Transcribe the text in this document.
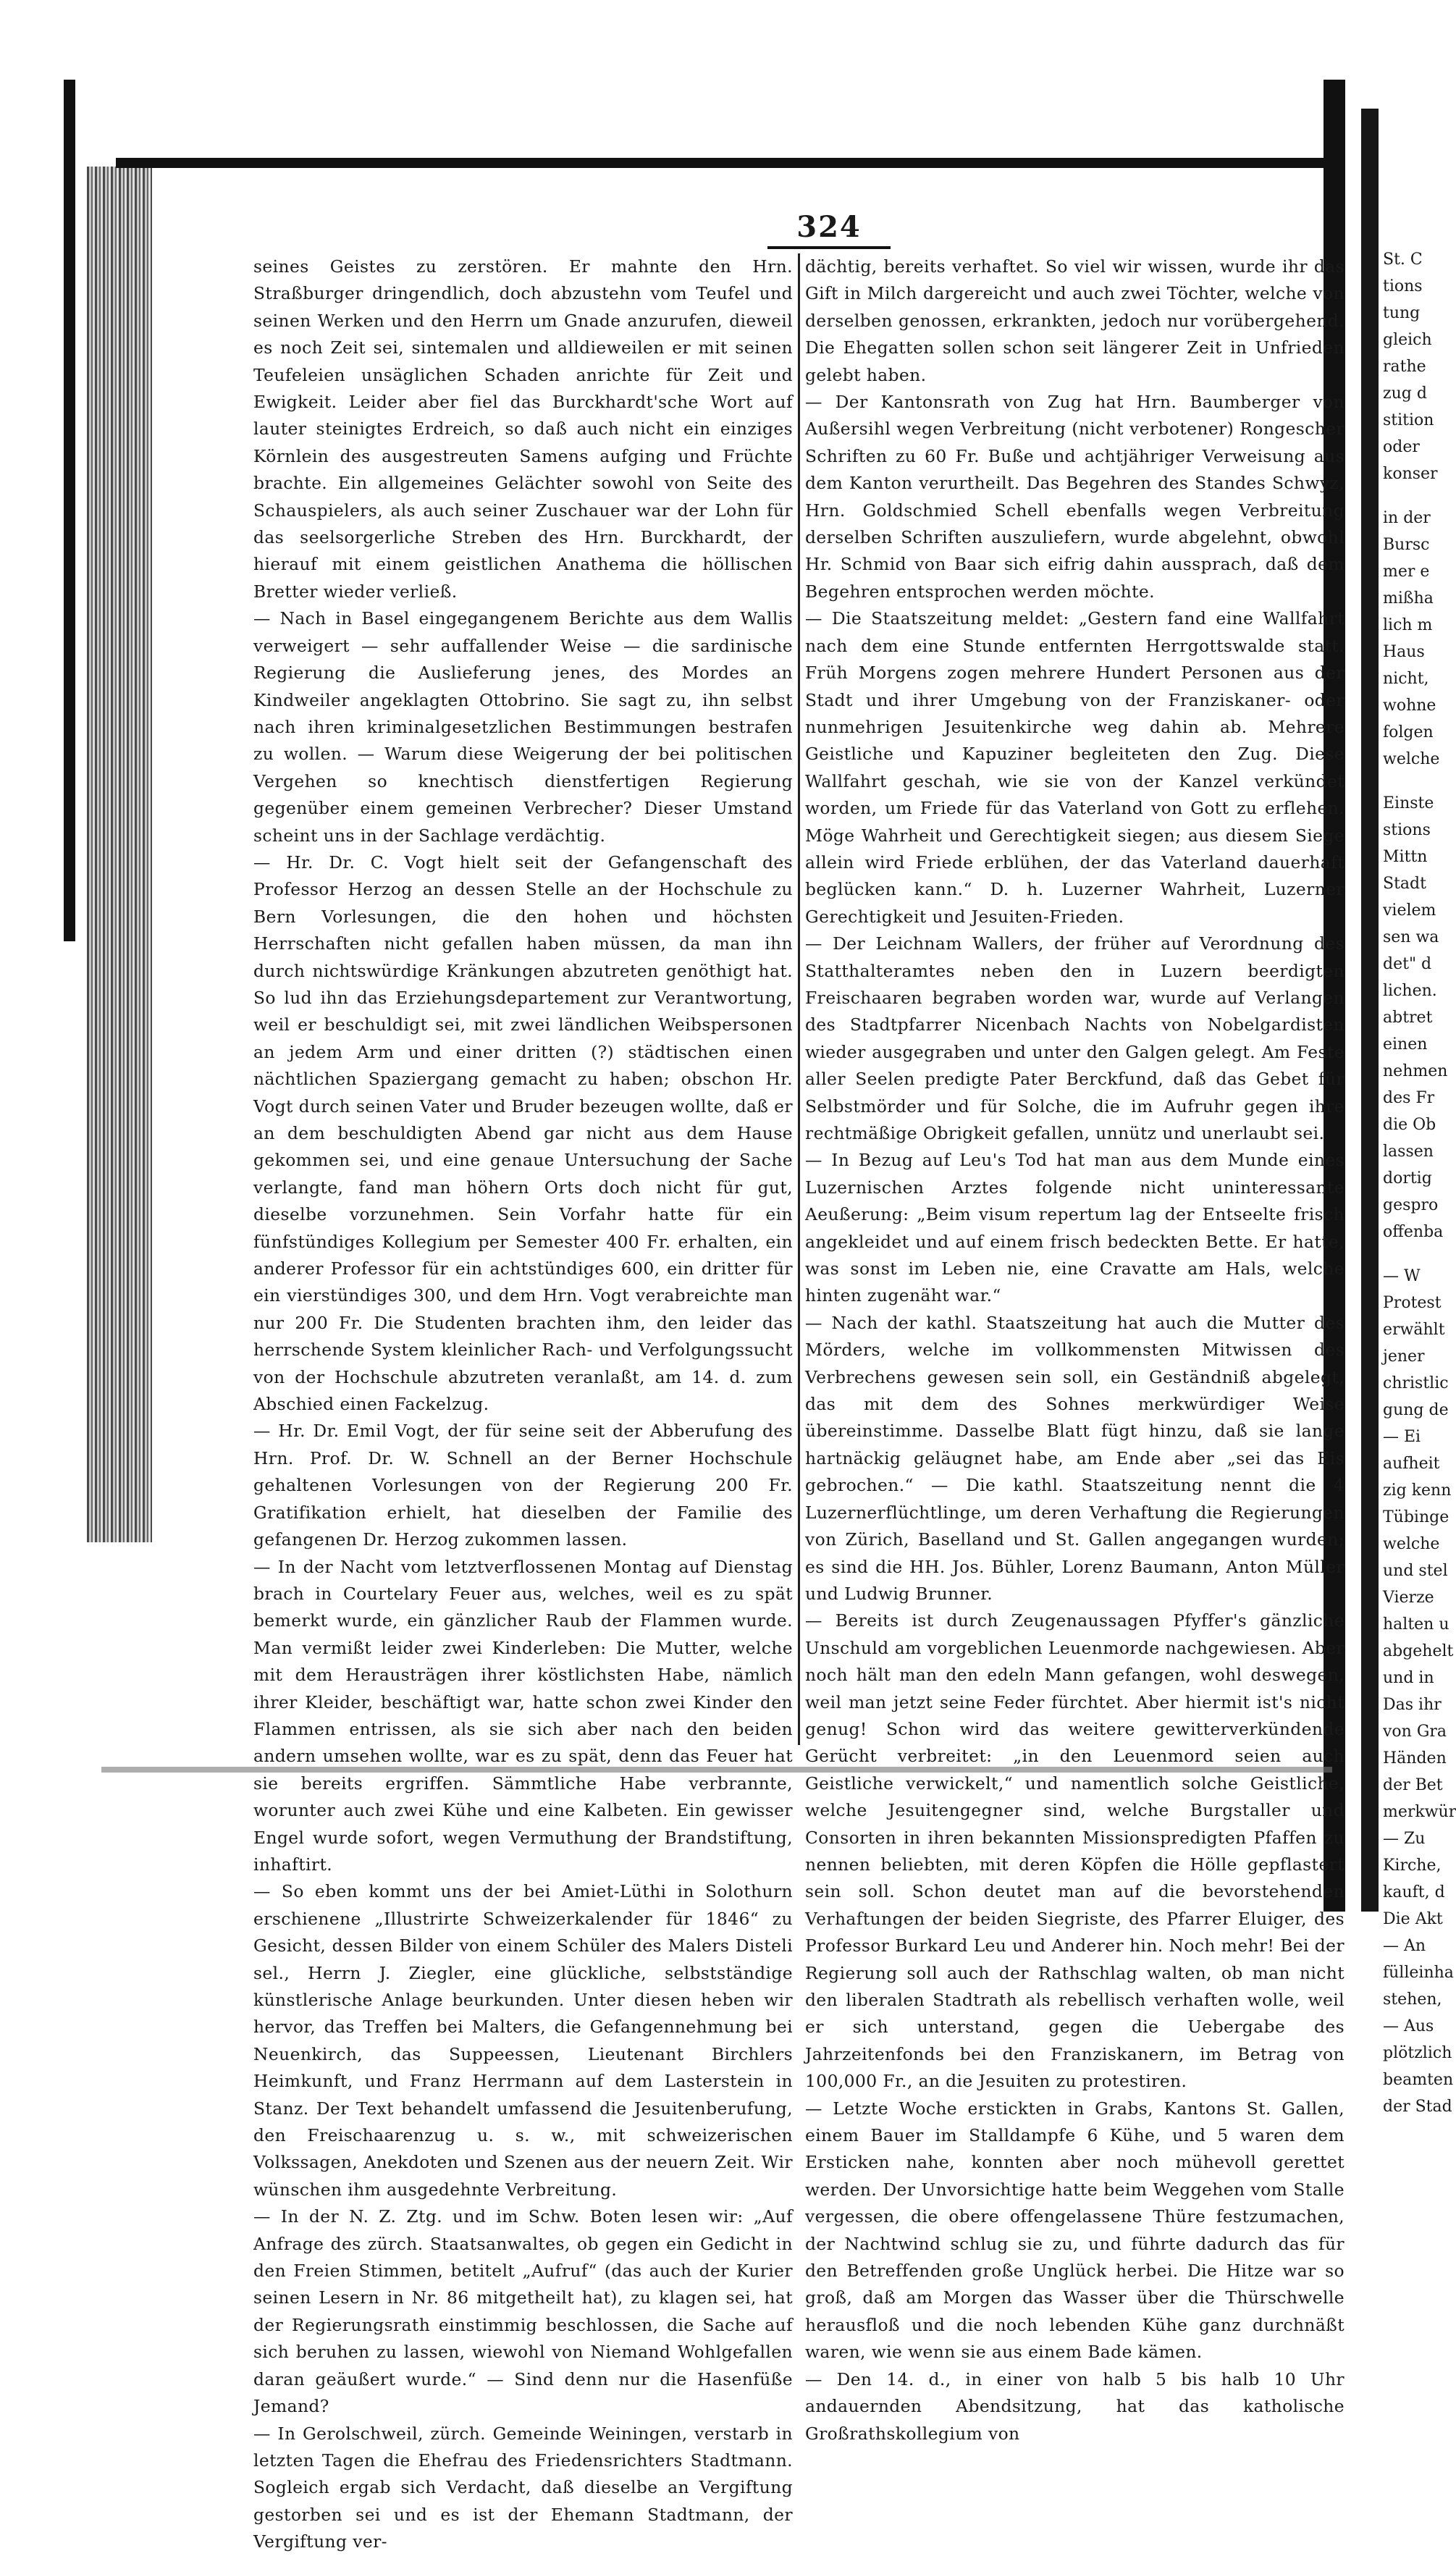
324

seines Geistes zu zerstören. Er mahnte den Hrn. Straßburger dringendlich, doch abzustehn vom Teufel und seinen Werken und den Herrn um Gnade anzurufen, dieweil es noch Zeit sei, sintemalen und alldieweilen er mit seinen Teufeleien unsäglichen Schaden anrichte für Zeit und Ewigkeit. Leider aber fiel das Burckhardt'sche Wort auf lauter steinigtes Erdreich, so daß auch nicht ein einziges Körnlein des ausgestreuten Samens aufging und Früchte brachte. Ein allgemeines Gelächter sowohl von Seite des Schauspielers, als auch seiner Zuschauer war der Lohn für das seelsorgerliche Streben des Hrn. Burckhardt, der hierauf mit einem geistlichen Anathema die höllischen Bretter wieder verließ.

— Nach in Basel eingegangenem Berichte aus dem Wallis verweigert — sehr auffallender Weise — die sardinische Regierung die Auslieferung jenes, des Mordes an Kindweiler angeklagten Ottobrino. Sie sagt zu, ihn selbst nach ihren kriminalgesetzlichen Bestimmungen bestrafen zu wollen. — Warum diese Weigerung der bei politischen Vergehen so knechtisch dienstfertigen Regierung gegenüber einem gemeinen Verbrecher? Dieser Umstand scheint uns in der Sachlage verdächtig.

— Hr. Dr. C. Vogt hielt seit der Gefangenschaft des Professor Herzog an dessen Stelle an der Hochschule zu Bern Vorlesungen, die den hohen und höchsten Herrschaften nicht gefallen haben müssen, da man ihn durch nichtswürdige Kränkungen abzutreten genöthigt hat. So lud ihn das Erziehungsdepartement zur Verantwortung, weil er beschuldigt sei, mit zwei ländlichen Weibspersonen an jedem Arm und einer dritten (?) städtischen einen nächtlichen Spaziergang gemacht zu haben; obschon Hr. Vogt durch seinen Vater und Bruder bezeugen wollte, daß er an dem beschuldigten Abend gar nicht aus dem Hause gekommen sei, und eine genaue Untersuchung der Sache verlangte, fand man höhern Orts doch nicht für gut, dieselbe vorzunehmen. Sein Vorfahr hatte für ein fünfstündiges Kollegium per Semester 400 Fr. erhalten, ein anderer Professor für ein achtstündiges 600, ein dritter für ein vierstündiges 300, und dem Hrn. Vogt verabreichte man nur 200 Fr. Die Studenten brachten ihm, den leider das herrschende System kleinlicher Rach- und Verfolgungssucht von der Hochschule abzutreten veranlaßt, am 14. d. zum Abschied einen Fackelzug.

— Hr. Dr. Emil Vogt, der für seine seit der Abberufung des Hrn. Prof. Dr. W. Schnell an der Berner Hochschule gehaltenen Vorlesungen von der Regierung 200 Fr. Gratifikation erhielt, hat dieselben der Familie des gefangenen Dr. Herzog zukommen lassen.

— In der Nacht vom letztverflossenen Montag auf Dienstag brach in Courtelary Feuer aus, welches, weil es zu spät bemerkt wurde, ein gänzlicher Raub der Flammen wurde. Man vermißt leider zwei Kinderleben: Die Mutter, welche mit dem Herausträgen ihrer köstlichsten Habe, nämlich ihrer Kleider, beschäftigt war, hatte schon zwei Kinder den Flammen entrissen, als sie sich aber nach den beiden andern umsehen wollte, war es zu spät, denn das Feuer hat sie bereits ergriffen. Sämmtliche Habe verbrannte, worunter auch zwei Kühe und eine Kalbeten. Ein gewisser Engel wurde sofort, wegen Vermuthung der Brandstiftung, inhaftirt.

— So eben kommt uns der bei Amiet-Lüthi in Solothurn erschienene „Illustrirte Schweizerkalender für 1846“ zu Gesicht, dessen Bilder von einem Schüler des Malers Disteli sel., Herrn J. Ziegler, eine glückliche, selbstständige künstlerische Anlage beurkunden. Unter diesen heben wir hervor, das Treffen bei Malters, die Gefangennehmung bei Neuenkirch, das Suppeessen, Lieutenant Birchlers Heimkunft, und Franz Herrmann auf dem Lasterstein in Stanz. Der Text behandelt umfassend die Jesuitenberufung, den Freischaarenzug u. s. w., mit schweizerischen Volkssagen, Anekdoten und Szenen aus der neuern Zeit. Wir wünschen ihm ausgedehnte Verbreitung.

— In der N. Z. Ztg. und im Schw. Boten lesen wir: „Auf Anfrage des zürch. Staatsanwaltes, ob gegen ein Gedicht in den Freien Stimmen, betitelt „Aufruf“ (das auch der Kurier seinen Lesern in Nr. 86 mitgetheilt hat), zu klagen sei, hat der Regierungsrath einstimmig beschlossen, die Sache auf sich beruhen zu lassen, wiewohl von Niemand Wohlgefallen daran geäußert wurde.“ — Sind denn nur die Hasenfüße Jemand?

— In Gerolschweil, zürch. Gemeinde Weiningen, verstarb in letzten Tagen die Ehefrau des Friedensrichters Stadtmann. Sogleich ergab sich Verdacht, daß dieselbe an Vergiftung gestorben sei und es ist der Ehemann Stadtmann, der Vergiftung ver-

dächtig, bereits verhaftet. So viel wir wissen, wurde ihr das Gift in Milch dargereicht und auch zwei Töchter, welche von derselben genossen, erkrankten, jedoch nur vorübergehend. Die Ehegatten sollen schon seit längerer Zeit in Unfrieden gelebt haben.

— Der Kantonsrath von Zug hat Hrn. Baumberger von Außersihl wegen Verbreitung (nicht verbotener) Rongescher Schriften zu 60 Fr. Buße und achtjähriger Verweisung aus dem Kanton verurtheilt. Das Begehren des Standes Schwyz, Hrn. Goldschmied Schell ebenfalls wegen Verbreitung derselben Schriften auszuliefern, wurde abgelehnt, obwohl Hr. Schmid von Baar sich eifrig dahin aussprach, daß dem Begehren entsprochen werden möchte.

— Die Staatszeitung meldet: „Gestern fand eine Wallfahrt nach dem eine Stunde entfernten Herrgottswalde statt. Früh Morgens zogen mehrere Hundert Personen aus der Stadt und ihrer Umgebung von der Franziskaner- oder nunmehrigen Jesuitenkirche weg dahin ab. Mehrere Geistliche und Kapuziner begleiteten den Zug. Diese Wallfahrt geschah, wie sie von der Kanzel verkündet worden, um Friede für das Vaterland von Gott zu erflehen. Möge Wahrheit und Gerechtigkeit siegen; aus diesem Siege allein wird Friede erblühen, der das Vaterland dauerhaft beglücken kann.“ D. h. Luzerner Wahrheit, Luzerner Gerechtigkeit und Jesuiten-Frieden.

— Der Leichnam Wallers, der früher auf Verordnung des Statthalteramtes neben den in Luzern beerdigten Freischaaren begraben worden war, wurde auf Verlangen des Stadtpfarrer Nicenbach Nachts von Nobelgardisten wieder ausgegraben und unter den Galgen gelegt. Am Feste aller Seelen predigte Pater Berckfund, daß das Gebet für Selbstmörder und für Solche, die im Aufruhr gegen ihre rechtmäßige Obrigkeit gefallen, unnütz und unerlaubt sei.

— In Bezug auf Leu's Tod hat man aus dem Munde eines Luzernischen Arztes folgende nicht uninteressante Aeußerung: „Beim visum repertum lag der Entseelte frisch angekleidet und auf einem frisch bedeckten Bette. Er hatte, was sonst im Leben nie, eine Cravatte am Hals, welche hinten zugenäht war.“

— Nach der kathl. Staatszeitung hat auch die Mutter des Mörders, welche im vollkommensten Mitwissen des Verbrechens gewesen sein soll, ein Geständniß abgelegt, das mit dem des Sohnes merkwürdiger Weise übereinstimme. Dasselbe Blatt fügt hinzu, daß sie lange hartnäckig geläugnet habe, am Ende aber „sei das Eis gebrochen.“ — Die kathl. Staatszeitung nennt die 4 Luzernerflüchtlinge, um deren Verhaftung die Regierungen von Zürich, Baselland und St. Gallen angegangen wurden; es sind die HH. Jos. Bühler, Lorenz Baumann, Anton Müller und Ludwig Brunner.

— Bereits ist durch Zeugenaussagen Pfyffer's gänzliche Unschuld am vorgeblichen Leuenmorde nachgewiesen. Aber noch hält man den edeln Mann gefangen, wohl deswegen, weil man jetzt seine Feder fürchtet. Aber hiermit ist's nicht genug! Schon wird das weitere gewitterverkündende Gerücht verbreitet: „in den Leuenmord seien auch Geistliche verwickelt,“ und namentlich solche Geistliche, welche Jesuitengegner sind, welche Burgstaller und Consorten in ihren bekannten Missionspredigten Pfaffen zu nennen beliebten, mit deren Köpfen die Hölle gepflastert sein soll. Schon deutet man auf die bevorstehenden Verhaftungen der beiden Siegriste, des Pfarrer Eluiger, des Professor Burkard Leu und Anderer hin. Noch mehr! Bei der Regierung soll auch der Rathschlag walten, ob man nicht den liberalen Stadtrath als rebellisch verhaften wolle, weil er sich unterstand, gegen die Uebergabe des Jahrzeitenfonds bei den Franziskanern, im Betrag von 100,000 Fr., an die Jesuiten zu protestiren.

— Letzte Woche erstickten in Grabs, Kantons St. Gallen, einem Bauer im Stalldampfe 6 Kühe, und 5 waren dem Ersticken nahe, konnten aber noch mühevoll gerettet werden. Der Unvorsichtige hatte beim Weggehen vom Stalle vergessen, die obere offengelassene Thüre festzumachen, der Nachtwind schlug sie zu, und führte dadurch das für den Betreffenden große Unglück herbei. Die Hitze war so groß, daß am Morgen das Wasser über die Thürschwelle herausfloß und die noch lebenden Kühe ganz durchnäßt waren, wie wenn sie aus einem Bade kämen.

— Den 14. d., in einer von halb 5 bis halb 10 Uhr andauernden Abendsitzung, hat das katholische Großrathskollegium von

St. C
tions
tung
gleich
rathe
zug d
stition
oder
konser
in der
Bursc
mer e
mißha
lich m
Haus
nicht,
wohne
folgen
welche
Einste
stions
Mittn
Stadt
vielem
sen wa
det" d
lichen.
abtret
einen
nehmen
des Fr
die Ob
lassen
dortig
gespro
offenba
— W
Protest
erwählt
jener
christlic
gung de
— Ei
aufheit
zig kenn
Tübinge
welche
und stel
Vierze
halten u
abgehelt
und in
Das ihr
von Gra
Händen
der Bet
merkwür
— Zu
Kirche,
kauft, d
Die Akt
— An
fülleinha
stehen,
— Aus
plötzlich
beamten
der Stad
